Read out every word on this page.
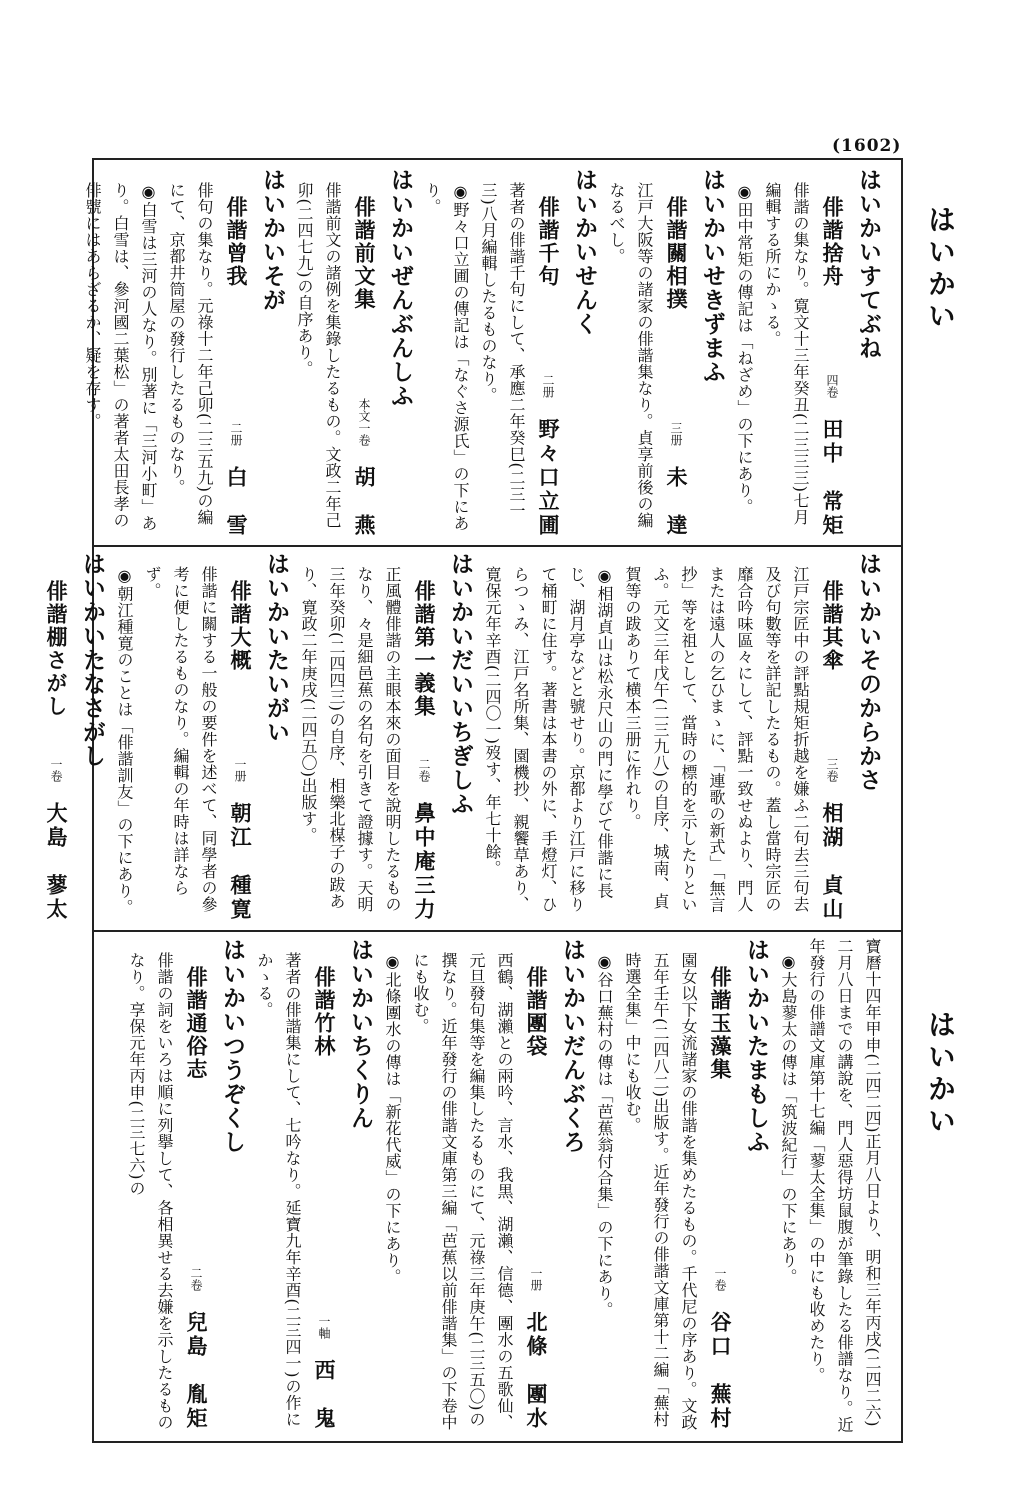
(1602)
はいかい
はいかい
はいかいすてぶね
俳諧捨舟
四卷
田中　常矩
俳諧の集なり。寛文十三年癸丑(二三三三)七月編輯する所にかゝる。
◉田中常矩の傳記は「ねざめ」の下にあり。
はいかいせきずまふ
俳諧關相撲
三册
未　達
江戸大阪等の諸家の俳諧集なり。貞享前後の編なるべし。
はいかいせんく
俳諧千句
二册
野々口立圃
著者の俳諧千句にして、承應二年癸巳(二三一三)八月編輯したるものなり。
◉野々口立圃の傳記は「なぐさ源氏」の下にあり。
はいかいぜんぶんしふ
俳諧前文集
本文一卷
胡　燕
俳諧前文の諸例を集錄したるもの。文政二年己卯(二四七九)の自序あり。
はいかいそが
俳諧曾我
二册
白　雪
俳句の集なり。元祿十二年己卯(二三五九)の編にて、京都井筒屋の發行したるものなり。
◉白雪は三河の人なり。別著に「三河小町」あり。白雪は、參河國二葉松」の著者太田長孝の俳號にはあらざるか、疑を存す。
はいかいそのからかさ
俳諧其傘
三卷
相湖　貞山
江戸宗匠中の評點規矩折越を嫌ふ二句去三句去及び句數等を詳記したるもの。蓋し當時宗匠の靡合吟味區々にして、評點一致せぬより、門人または遠人の乞ひまゝに、「連歌の新式」「無言抄」等を祖として、當時の標的を示したりといふ。元文三年戊午(二三九八)の自序、城南、貞賀等の跋ありて横本三册に作れり。
◉相湖貞山は松永尺山の門に學びて俳諧に長じ、湖月亭などと號せり。京都より江戸に移りて桶町に住す。著書は本書の外に、手燈灯、ひらつゝみ、江戸名所集、園機抄、親饗草あり、寛保元年辛酉(二四〇一)歿す、年七十餘。
はいかいだいいちぎしふ
俳諧第一義集
二卷
鼻中庵三力
正風體俳諧の主眼本來の面目を說明したるものなり、々是細邑蕉の名句を引きて證據す。天明三年癸卯(二四四三)の自序、相樂北楳子の跋あり、寛政二年庚戌(二四五〇)出版す。
はいかいたいがい
俳諧大概
一册
朝江　種寛
俳諧に關する一般の要件を述べて、同學者の參考に便したるものなり。編輯の年時は詳ならず。
◉朝江種寛のことは「俳諧訓友」の下にあり。
はいかいたなさがし
俳諧棚さがし
一卷
大島　蓼太
寶曆十四年甲申(二四二四)正月八日より、明和三年丙戌(二四二六)二月八日までの講說を、門人惡得坊鼠腹が筆錄したる俳譜なり。近年發行の俳譜文庫第十七編「蓼太全集」の中にも收めたり。
◉大島蓼太の傳は「筑波紀行」の下にあり。
はいかいたまもしふ
俳諧玉藻集
一卷
谷口　蕪村
園女以下女流諸家の俳諧を集めたるもの。千代尼の序あり。文政五年壬午(二四八二)出版す。近年發行の俳諧文庫第十二編「蕪村時選全集」中にも收む。
◉谷口蕪村の傳は「芭蕉翁付合集」の下にあり。
はいかいだんぶくろ
俳諧團袋
一册
北條　團水
西鶴、湖瀨との兩吟、言水、我黒、湖瀨、信德、團水の五歌仙、元旦發句集等を編集したるものにて、元祿三年庚午(二三五〇)の撰なり。近年發行の俳諧文庫第三編「芭蕉以前俳諧集」の下卷中にも收む。
◉北條團水の傳は「新花代威」の下にあり。
はいかいちくりん
俳諧竹林
一軸
西　鬼
著者の俳諧集にして、七吟なり。延寶九年辛酉(二三四一)の作にかゝる。
はいかいつうぞくし
俳諧通俗志
二卷
兒島　胤矩
俳諧の詞をいろは順に列擧して、各相異せる去嫌を示したるものなり。享保元年丙申(二三七六)の
